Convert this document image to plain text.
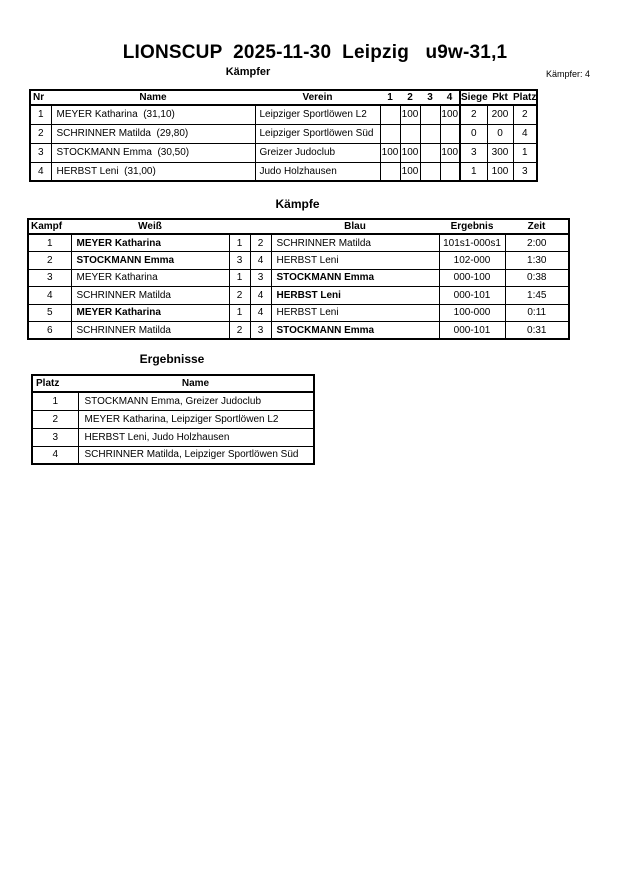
LIONSCUP  2025-11-30  Leipzig   u9w-31,1
Kämpfer	Kämpfer: 4
Nr	Name	Verein	1	2	3	4	Siege	Pkt	Platz
1	MEYER Katharina  (31,10)	Leipziger Sportlöwen L2		100		100	2	200	2
2	SCHRINNER Matilda  (29,80)	Leipziger Sportlöwen Süd					0	0	4
3	STOCKMANN Emma  (30,50)	Greizer Judoclub	100	100		100	3	300	1
4	HERBST Leni  (31,00)	Judo Holzhausen		100			1	100	3
Kämpfe
Kampf	Weiß			Blau	Ergebnis	Zeit
1	MEYER Katharina	1	2	SCHRINNER Matilda	101s1-000s1	2:00
2	STOCKMANN Emma	3	4	HERBST Leni	102-000	1:30
3	MEYER Katharina	1	3	STOCKMANN Emma	000-100	0:38
4	SCHRINNER Matilda	2	4	HERBST Leni	000-101	1:45
5	MEYER Katharina	1	4	HERBST Leni	100-000	0:11
6	SCHRINNER Matilda	2	3	STOCKMANN Emma	000-101	0:31
Ergebnisse
Platz	Name
1	STOCKMANN Emma, Greizer Judoclub
2	MEYER Katharina, Leipziger Sportlöwen L2
3	HERBST Leni, Judo Holzhausen
4	SCHRINNER Matilda, Leipziger Sportlöwen Süd
